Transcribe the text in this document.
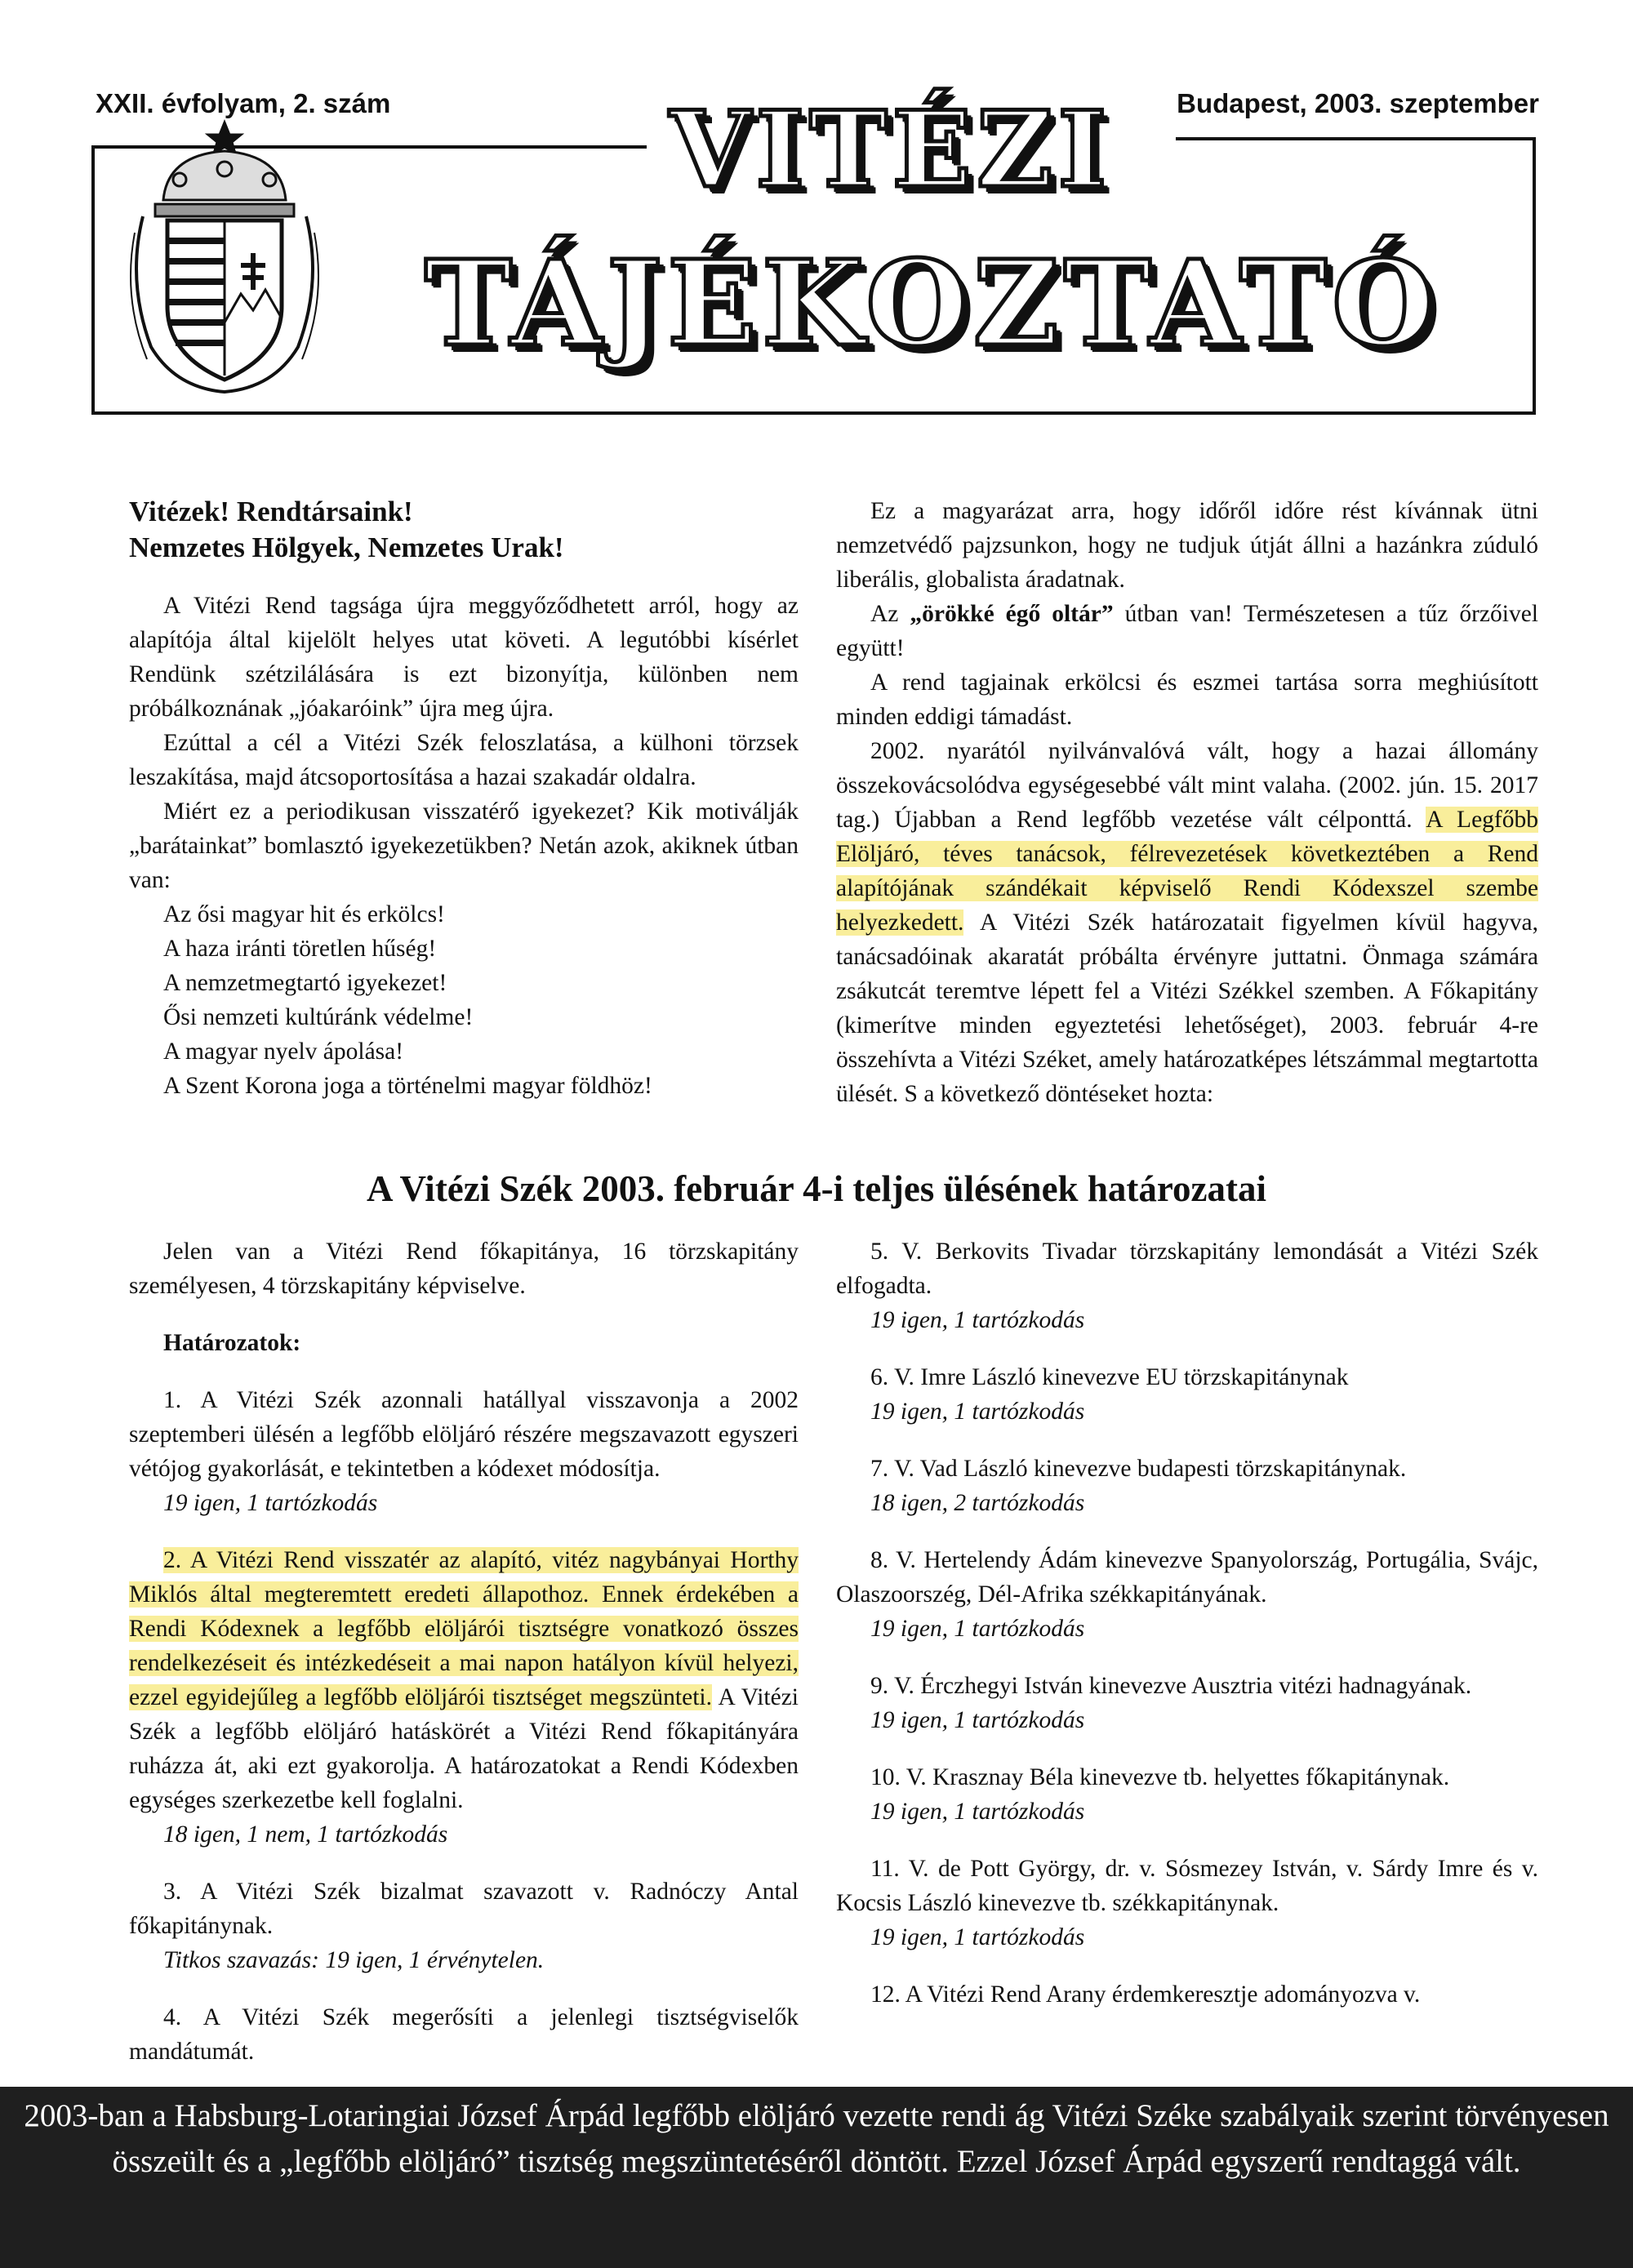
XXII. évfolyam, 2. szám	Budapest, 2003. szeptember
VITÉZI
TÁJÉKOZTATÓ

Vitézek! Rendtársaink!

Nemzetes Hölgyek, Nemzetes Urak!

A Vitézi Rend tagsága újra meggyőződhetett arról, hogy az alapítója által kijelölt helyes utat követi. A legutóbbi kísérlet Rendünk szétzilálására is ezt bizonyítja, különben nem próbálkoznának „jóakaróink” újra meg újra.

Ezúttal a cél a Vitézi Szék feloszlatása, a külhoni törzsek leszakítása, majd átcsoportosítása a hazai szakadár oldalra.

Miért ez a periodikusan visszatérő igyekezet? Kik motiválják „barátainkat” bomlasztó igyekezetükben? Netán azok, akiknek útban van:

Az ősi magyar hit és erkölcs!

A haza iránti töretlen hűség!

A nemzetmegtartó igyekezet!

Ősi nemzeti kultúránk védelme!

A magyar nyelv ápolása!

A Szent Korona joga a történelmi magyar földhöz!

Ez a magyarázat arra, hogy időről időre rést kívánnak ütni nemzetvédő pajzsunkon, hogy ne tudjuk útját állni a hazánkra zúduló liberális, globalista áradatnak.

Az „örökké égő oltár” útban van! Természetesen a tűz őrzőivel együtt!

A rend tagjainak erkölcsi és eszmei tartása sorra meghiúsított minden eddigi támadást.

2002. nyarától nyilvánvalóvá vált, hogy a hazai állomány összekovácsolódva egységesebbé vált mint valaha. (2002. jún. 15. 2017 tag.) Újabban a Rend legfőbb vezetése vált célponttá. A Legfőbb Elöljáró, téves tanácsok, félrevezetések következtében a Rend alapítójának szándékait képviselő Rendi Kódexszel szembe helyezkedett. A Vitézi Szék határozatait figyelmen kívül hagyva, tanácsadóinak akaratát próbálta érvényre juttatni. Önmaga számára zsákutcát teremtve lépett fel a Vitézi Székkel szemben. A Főkapitány (kimerítve minden egyeztetési lehetőséget), 2003. február 4-re összehívta a Vitézi Széket, amely határozatképes létszámmal megtartotta ülését. S a következő döntéseket hozta:

A Vitézi Szék 2003. február 4-i teljes ülésének határozatai

Jelen van a Vitézi Rend főkapitánya, 16 törzskapitány személyesen, 4 törzskapitány képviselve.

Határozatok:

1. A Vitézi Szék azonnali hatállyal visszavonja a 2002 szeptemberi ülésén a legfőbb elöljáró részére megszavazott egyszeri vétójog gyakorlását, e tekintetben a kódexet módosítja.

19 igen, 1 tartózkodás

2. A Vitézi Rend visszatér az alapító, vitéz nagybányai Horthy Miklós által megteremtett eredeti állapothoz. Ennek érdekében a Rendi Kódexnek a legfőbb elöljárói tisztségre vonatkozó összes rendelkezéseit és intézkedéseit a mai napon hatályon kívül helyezi, ezzel egyidejűleg a legfőbb elöljárói tisztséget megszünteti. A Vitézi Szék a legfőbb elöljáró hatáskörét a Vitézi Rend főkapitányára ruházza át, aki ezt gyakorolja. A határozatokat a Rendi Kódexben egységes szerkezetbe kell foglalni.

18 igen, 1 nem, 1 tartózkodás

3. A Vitézi Szék bizalmat szavazott v. Radnóczy Antal főkapitánynak.

Titkos szavazás: 19 igen, 1 érvénytelen.

4. A Vitézi Szék megerősíti a jelenlegi tisztségviselők mandátumát.

5. V. Berkovits Tivadar törzskapitány lemondását a Vitézi Szék elfogadta.

19 igen, 1 tartózkodás

6. V. Imre László kinevezve EU törzskapitánynak

19 igen, 1 tartózkodás

7. V. Vad László kinevezve budapesti törzskapitánynak.

18 igen, 2 tartózkodás

8. V. Hertelendy Ádám kinevezve Spanyolország, Portugália, Svájc, Olaszoorszég, Dél-Afrika székkapitányának.

19 igen, 1 tartózkodás

9. V. Érczhegyi István kinevezve Ausztria vitézi hadnagyának.

19 igen, 1 tartózkodás

10. V. Krasznay Béla kinevezve tb. helyettes főkapitánynak.

19 igen, 1 tartózkodás

11. V. de Pott György, dr. v. Sósmezey István, v. Sárdy Imre és v. Kocsis László kinevezve tb. székkapitánynak.

19 igen, 1 tartózkodás

12. A Vitézi Rend Arany érdemkeresztje adományozva v.

2003-ban a Habsburg-Lotaringiai József Árpád legfőbb elöljáró vezette rendi ág Vitézi Széke szabályaik szerint törvényesen összeült és a „legfőbb elöljáró” tisztség megszüntetéséről döntött. Ezzel József Árpád egyszerű rendtaggá vált.
